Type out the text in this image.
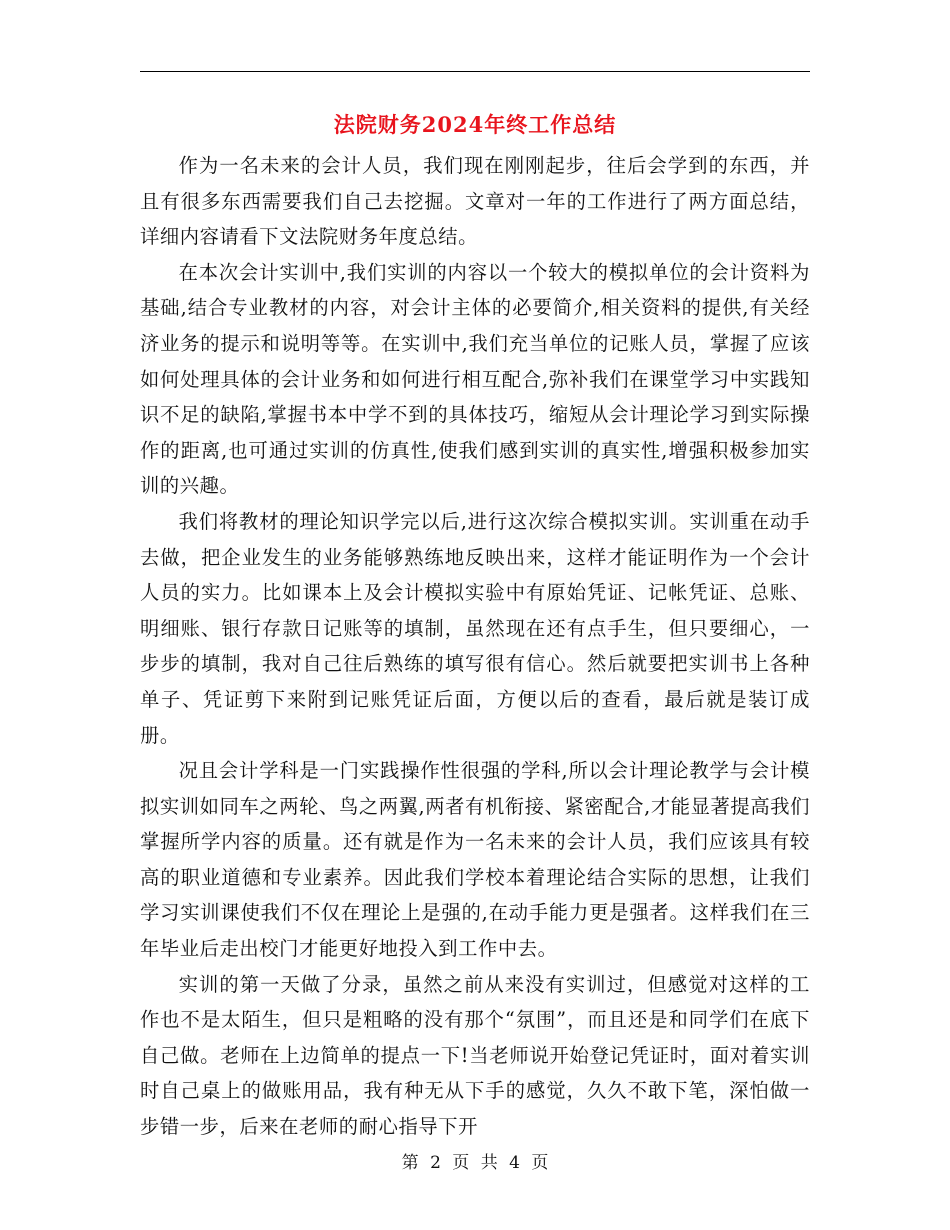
法院财务2024年终工作总结

作为一名未来的会计人员，我们现在刚刚起步，往后会学到的东西，并且有很多东西需要我们自己去挖掘。文章对一年的工作进行了两方面总结，详细内容请看下文法院财务年度总结。

在本次会计实训中,我们实训的内容以一个较大的模拟单位的会计资料为基础,结合专业教材的内容，对会计主体的必要简介,相关资料的提供,有关经济业务的提示和说明等等。在实训中,我们充当单位的记账人员，掌握了应该如何处理具体的会计业务和如何进行相互配合,弥补我们在课堂学习中实践知识不足的缺陷,掌握书本中学不到的具体技巧，缩短从会计理论学习到实际操作的距离,也可通过实训的仿真性,使我们感到实训的真实性,增强积极参加实训的兴趣。

我们将教材的理论知识学完以后,进行这次综合模拟实训。实训重在动手去做，把企业发生的业务能够熟练地反映出来，这样才能证明作为一个会计人员的实力。比如课本上及会计模拟实验中有原始凭证、记帐凭证、总账、明细账、银行存款日记账等的填制，虽然现在还有点手生，但只要细心，一步步的填制，我对自己往后熟练的填写很有信心。然后就要把实训书上各种单子、凭证剪下来附到记账凭证后面，方便以后的查看，最后就是装订成册。

况且会计学科是一门实践操作性很强的学科,所以会计理论教学与会计模拟实训如同车之两轮、鸟之两翼,两者有机衔接、紧密配合,才能显著提高我们掌握所学内容的质量。还有就是作为一名未来的会计人员，我们应该具有较高的职业道德和专业素养。因此我们学校本着理论结合实际的思想，让我们学习实训课使我们不仅在理论上是强的,在动手能力更是强者。这样我们在三年毕业后走出校门才能更好地投入到工作中去。

实训的第一天做了分录，虽然之前从来没有实训过，但感觉对这样的工作也不是太陌生，但只是粗略的没有那个“氛围”，而且还是和同学们在底下自己做。老师在上边简单的提点一下!当老师说开始登记凭证时，面对着实训时自己桌上的做账用品，我有种无从下手的感觉，久久不敢下笔，深怕做一步错一步，后来在老师的耐心指导下开

第 2 页 共 4 页
